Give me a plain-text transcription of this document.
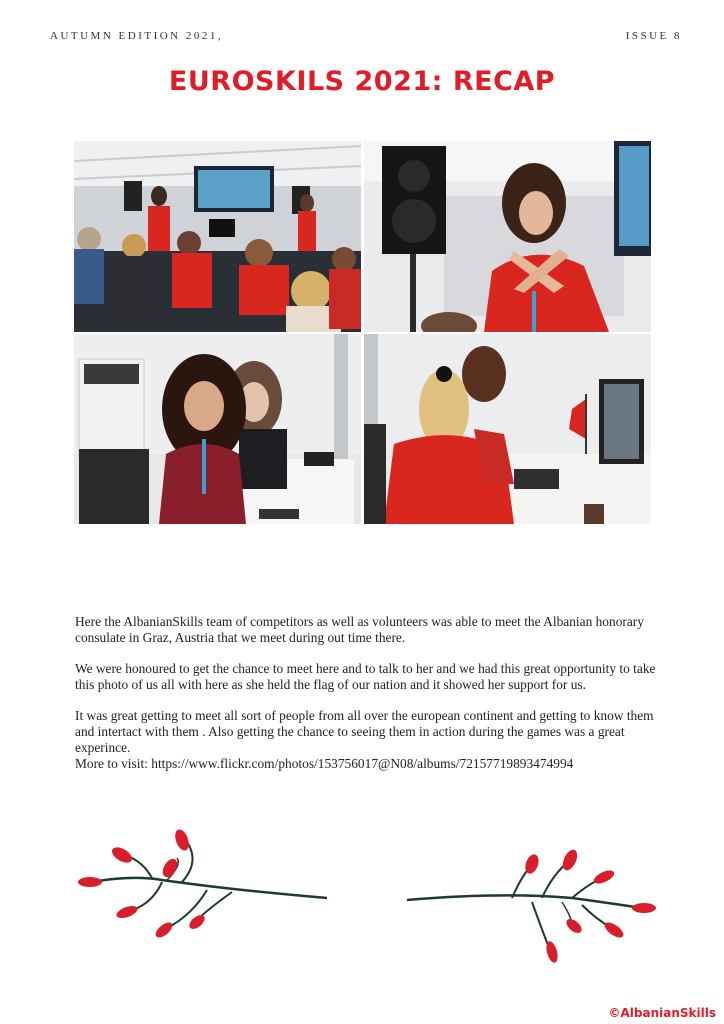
AUTUMN EDITION 2021,	ISSUE 8
EUROSKILS 2021: RECAP

Here the AlbanianSkills team of competitors as well as volunteers was able to meet the Albanian honorary consulate in Graz, Austria that we meet during out time there.

We were honoured to get the chance to meet here and to talk to her and we had this great opportunity to take this photo of us all with here as she held the flag of our nation and it showed her support for us.

It was great getting to meet all sort of people from all over the european continent and getting to know them and intertact with them . Also getting the chance to seeing them in action during the games was a great experince.

More to visit: https://www.flickr.com/photos/153756017@N08/albums/72157719893474994

©AlbanianSkills
